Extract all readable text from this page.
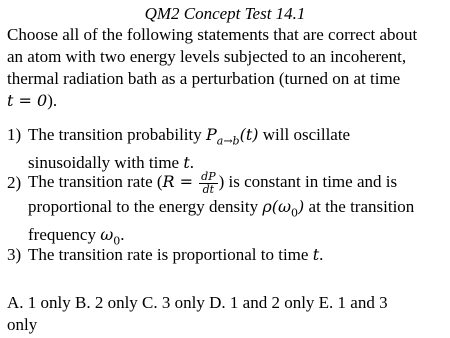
QM2 Concept Test 14.1
Choose all of the following statements that are correct about
an atom with two energy levels subjected to an incoherent,
thermal radiation bath as a perturbation (turned on at time
t = 0).
1) The transition probability $P_{a\to b}(t)$ will oscillate
sinusoidally with time t.
2) The transition rate ($R = \frac{dP}{dt}$ ) is constant in time and is
proportional to the energy density $\rho(\omega_0)$ at the transition
frequency $\omega_0$.
3) The transition rate is proportional to time t.
A. 1 only B. 2 only C. 3 only D. 1 and 2 only E. 1 and 3
only
